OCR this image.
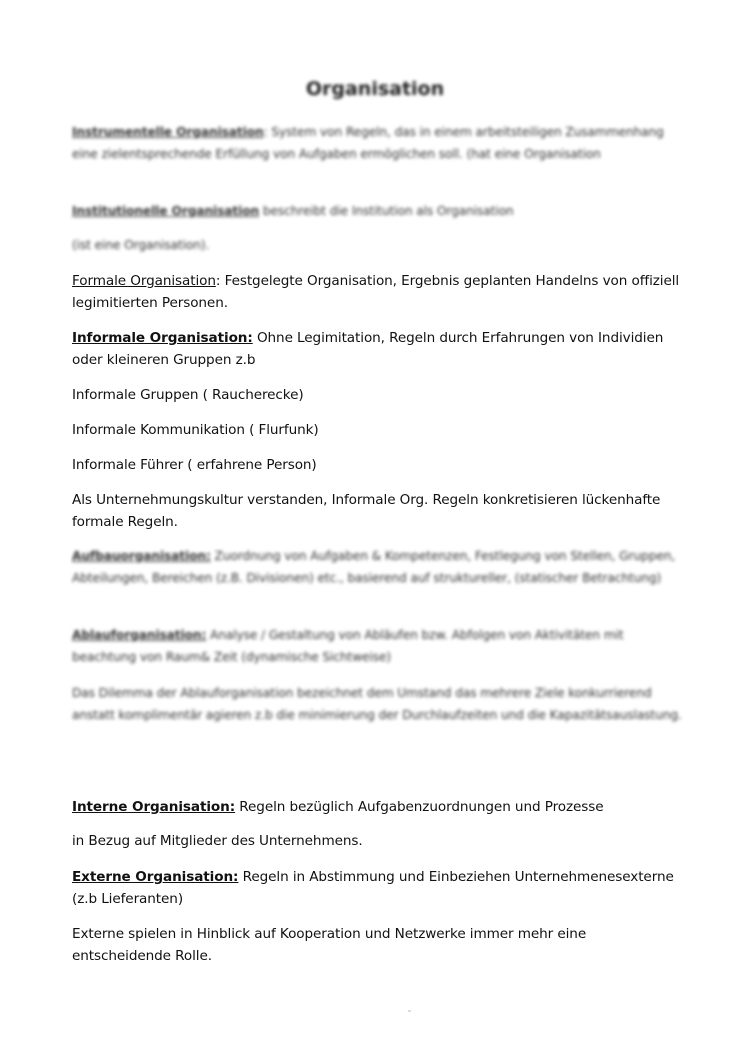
Organisation
Instrumentelle Organisation: System von Regeln, das in einem arbeitsteiligen Zusammenhang eine zielentsprechende Erfüllung von Aufgaben ermöglichen soll. (hat eine Organisation
Institutionelle Organisation beschreibt die Institution als Organisation
(ist eine Organisation).
Formale Organisation: Festgelegte Organisation, Ergebnis geplanten Handelns von offiziell legimitierten Personen.
Informale Organisation: Ohne Legimitation, Regeln durch Erfahrungen von Individien oder kleineren Gruppen z.b
Informale Gruppen ( Raucherecke)
Informale Kommunikation ( Flurfunk)
Informale Führer ( erfahrene Person)
Als Unternehmungskultur verstanden, Informale Org. Regeln konkretisieren lückenhafte formale Regeln.
Aufbauorganisation: Zuordnung von Aufgaben & Kompetenzen, Festlegung von Stellen, Gruppen, Abteilungen, Bereichen (z.B. Divisionen) etc., basierend auf struktureller, (statischer Betrachtung)
Ablauforganisation: Analyse / Gestaltung von Abläufen bzw. Abfolgen von Aktivitäten mit beachtung von Raum& Zeit (dynamische Sichtweise)
Das Dilemma der Ablauforganisation bezeichnet dem Umstand das mehrere Ziele konkurrierend anstatt komplimentär agieren z.b die minimierung der Durchlaufzeiten und die Kapazitätsauslastung.
Interne Organisation: Regeln bezüglich Aufgabenzuordnungen und Prozesse
in Bezug auf Mitglieder des Unternehmens.
Externe Organisation: Regeln in Abstimmung und Einbeziehen Unternehmenesexterne (z.b Lieferanten)
Externe spielen in Hinblick auf Kooperation und Netzwerke immer mehr eine entscheidende Rolle.
